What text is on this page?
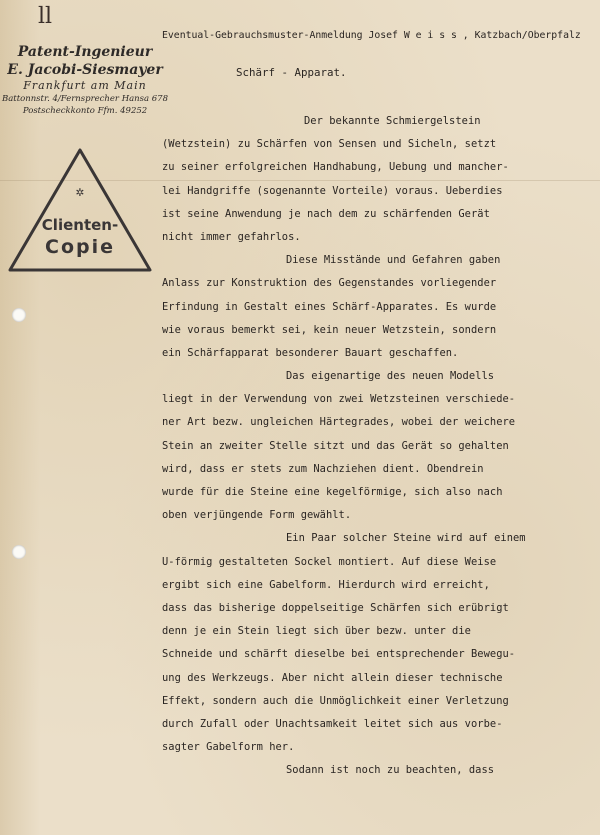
ll
Patent-Ingenieur
E. Jacobi-Siesmayer
Frankfurt am Main
Battonnstr. 4/Fernsprecher Hansa 678
Postscheckkonto Ffm. 49252
✲
Clienten-
Copie
Eventual-Gebrauchsmuster-Anmeldung Josef W e i s s , Katzbach/Oberpfalz
Schärf - Apparat.
Der bekannte Schmiergelstein
(Wetzstein) zu Schärfen von Sensen und Sicheln, setzt
zu seiner erfolgreichen Handhabung, Uebung und mancher-
lei Handgriffe (sogenannte Vorteile) voraus. Ueberdies
ist seine Anwendung je nach dem zu schärfenden Gerät
nicht immer gefahrlos.
Diese Misstände und Gefahren gaben
Anlass zur Konstruktion des Gegenstandes vorliegender
Erfindung in Gestalt eines Schärf-Apparates. Es wurde
wie voraus bemerkt sei, kein neuer Wetzstein, sondern
ein Schärfapparat besonderer Bauart geschaffen.
Das eigenartige des neuen Modells
liegt in der Verwendung von zwei Wetzsteinen verschiede-
ner Art bezw. ungleichen Härtegrades, wobei der weichere
Stein an zweiter Stelle sitzt und das Gerät so gehalten
wird, dass er stets zum Nachziehen dient. Obendrein
wurde für die Steine eine kegelförmige, sich also nach
oben verjüngende Form gewählt.
Ein Paar solcher Steine wird auf einem
U-förmig gestalteten Sockel montiert. Auf diese Weise
ergibt sich eine Gabelform. Hierdurch wird erreicht,
dass das bisherige doppelseitige Schärfen sich erübrigt
denn je ein Stein liegt sich über bezw. unter die
Schneide und schärft dieselbe bei entsprechender Bewegu-
ung des Werkzeugs. Aber nicht allein dieser technische
Effekt, sondern auch die Unmöglichkeit einer Verletzung
durch Zufall oder Unachtsamkeit leitet sich aus vorbe-
sagter Gabelform her.
Sodann ist noch zu beachten, dass
